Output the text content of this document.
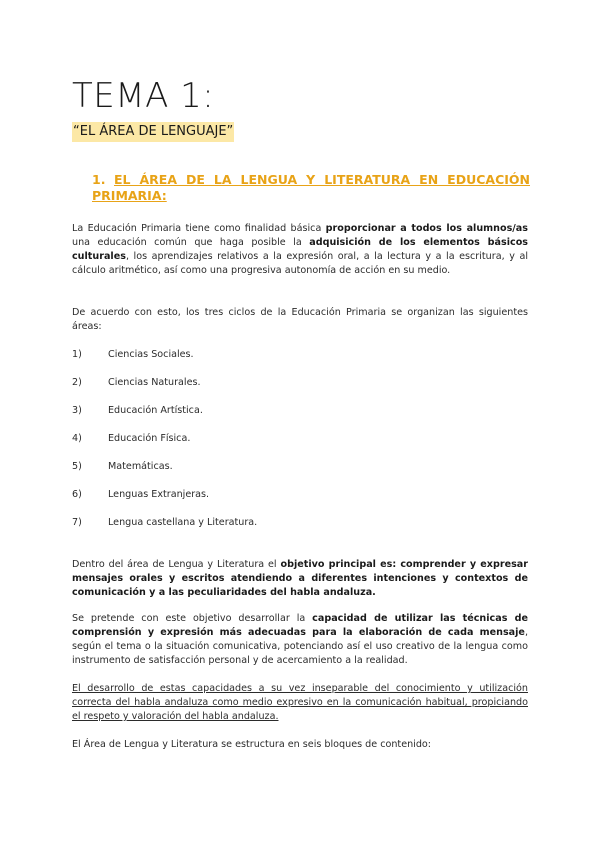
TEMA 1:
“EL ÁREA DE LENGUAJE”
1. EL ÁREA DE LA LENGUA Y LITERATURA EN EDUCACIÓN PRIMARIA:

La Educación Primaria tiene como finalidad básica proporcionar a todos los alumnos/as una educación común que haga posible la adquisición de los elementos básicos culturales, los aprendizajes relativos a la expresión oral, a la lectura y a la escritura, y al cálculo aritmético, así como una progresiva autonomía de acción en su medio.

De acuerdo con esto, los tres ciclos de la Educación Primaria se organizan las siguientes áreas:

1)	Ciencias Sociales.
2)	Ciencias Naturales.
3)	Educación Artística.
4)	Educación Física.
5)	Matemáticas.
6)	Lenguas Extranjeras.
7)	Lengua castellana y Literatura.

Dentro del área de Lengua y Literatura el objetivo principal es: comprender y expresar mensajes orales y escritos atendiendo a diferentes intenciones y contextos de comunicación y a las peculiaridades del habla andaluza.

Se pretende con este objetivo desarrollar la capacidad de utilizar las técnicas de comprensión y expresión más adecuadas para la elaboración de cada mensaje, según el tema o la situación comunicativa, potenciando así el uso creativo de la lengua como instrumento de satisfacción personal y de acercamiento a la realidad.

El desarrollo de estas capacidades a su vez inseparable del conocimiento y utilización correcta del habla andaluza como medio expresivo en la comunicación habitual, propiciando el respeto y valoración del habla andaluza.

El Área de Lengua y Literatura se estructura en seis bloques de contenido:
